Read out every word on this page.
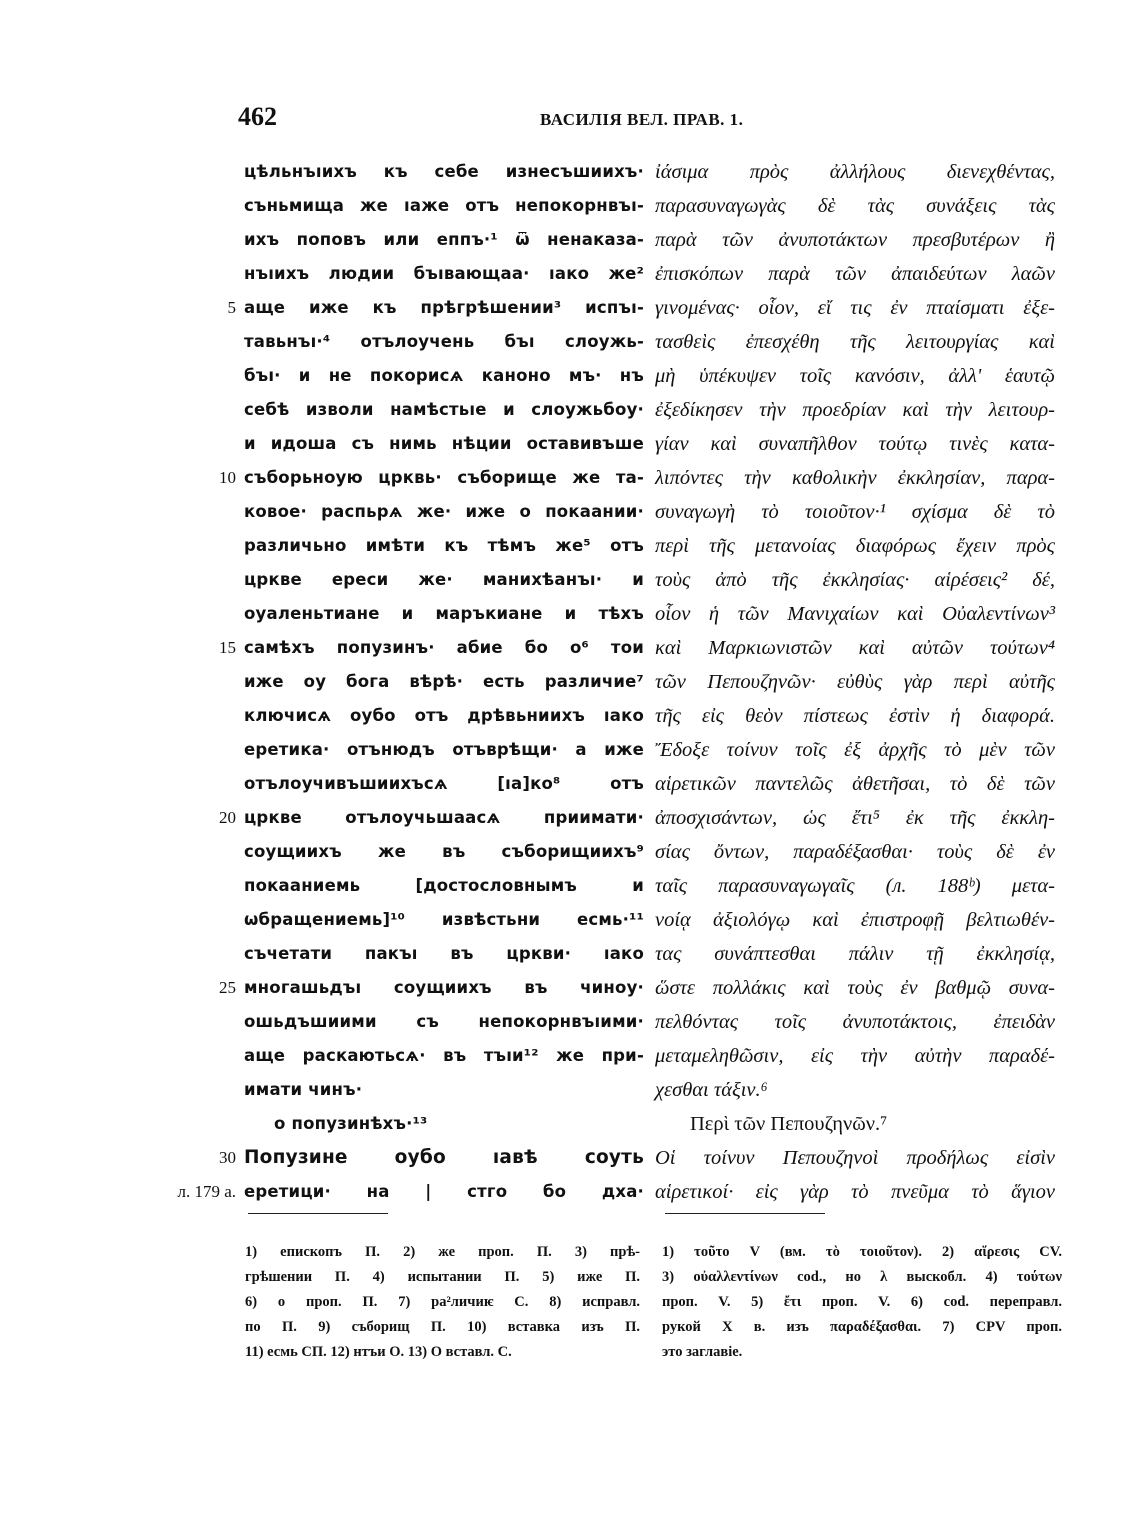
462	ВАСИЛІЯ ВЕЛ. ПРАВ. 1.
цѣльнъıихъ къ себе изнесъшиихъ·
съньмища же ıаже отъ непокорнвъı-
ихъ поповъ или еппъ·¹ ѿ ненаказа-
нъıихъ людии бъıвающаа· ıако же²
5 аще иже къ прѣгрѣшении³ испъı-
тавьнъı·⁴ отълоучень бъı слоужь-
бъı· и не покорисѧ каноно мъ· нъ
себѣ изволи намѣстьıе и слоужьбоу·
и идоша съ нимь нѣции оставивъше
10 съборьноую црквь· съборище же та-
ковое· распьрѧ же· иже о покаании·
различьно имѣти къ тѣмъ же⁵ отъ
црквe ереси же· манихѣанъı· и
оуаленьтиане и маръкиане и тѣхъ
15 самѣхъ попузинъ· абие бо о⁶ тои
иже оу бога вѣрѣ· есть различие⁷
ключисѧ оубо отъ дрѣвьниихъ ıако
еретика· отънюдъ отъврѣщи· а иже
отълоучивъшиихъсѧ [ıа]ко⁸ отъ
20 црквe отълоучьшаасѧ приимати·
соущиихъ же въ съборищиихъ⁹
покааниемь [достословнымъ и
ѡбращениемь]¹⁰ извѣстьни есмь·¹¹
съчетати пакъı въ цркви· ıако
25 многашьдъı соущиихъ въ чиноу·
ошьдъшиими съ непокорнвъıими·
аще раскаютьсѧ· въ тъıи¹² же при-
имати чинъ·
о попузинѣхъ·¹³
30 Попузине оубо ıавѣ соуть
л. 179 а. еретици· на | стго бо дха·
ἰάσιμα πρὸς ἀλλήλους διενεχθέντας,
παρασυναγωγὰς δὲ τὰς συνάξεις τὰς
παρὰ τῶν ἀνυποτάκτων πρεσβυτέρων ἢ
ἐπισκόπων παρὰ τῶν ἀπαιδεύτων λαῶν
γινομένας· οἷον, εἴ τις ἐν πταίσματι ἐξε-
τασθεὶς ἐπεσχέθη τῆς λειτουργίας καὶ
μὴ ὑπέκυψεν τοῖς κανόσιν, ἀλλ' ἑαυτῷ
ἐξεδίκησεν τὴν προεδρίαν καὶ τὴν λειτουρ-
γίαν καὶ συναπῆλθον τούτῳ τινὲς κατα-
λιπόντες τὴν καθολικὴν ἐκκλησίαν, παρα-
συναγωγὴ τὸ τοιοῦτον·¹ σχίσμα δὲ τὸ
περὶ τῆς μετανοίας διαφόρως ἔχειν πρὸς
τοὺς ἀπὸ τῆς ἐκκλησίας· αἱρέσεις² δέ,
οἷον ἡ τῶν Μανιχαίων καὶ Οὐαλεντίνων³
καὶ Μαρκιωνιστῶν καὶ αὐτῶν τούτων⁴
τῶν Πεπουζηνῶν· εὐθὺς γὰρ περὶ αὐτῆς
τῆς εἰς θεὸν πίστεως ἐστὶν ἡ διαφορά.
Ἔδοξε τοίνυν τοῖς ἐξ ἀρχῆς τὸ μὲν τῶν
αἱρετικῶν παντελῶς ἀθετῆσαι, τὸ δὲ τῶν
ἀποσχισάντων, ὡς ἔτι⁵ ἐκ τῆς ἐκκλη-
σίας ὄντων, παραδέξασθαι· τοὺς δὲ ἐν
ταῖς παρασυναγωγαῖς (л. 188ᵇ) μετα-
νοίᾳ ἀξιολόγῳ καὶ ἐπιστροφῇ βελτιωθέν-
τας συνάπτεσθαι πάλιν τῇ ἐκκλησίᾳ,
ὥστε πολλάκις καὶ τοὺς ἐν βαθμῷ συνα-
πελθόντας τοῖς ἀνυποτάκτοις, ἐπειδὰν
μεταμεληθῶσιν, εἰς τὴν αὐτὴν παραδέ-
χεσθαι τάξιν.⁶
Περὶ τῶν Πεπουζηνῶν.⁷
Οἱ τοίνυν Πεπουζηνοὶ προδήλως εἰσὶν
αἱρετικοί· εἰς γὰρ τὸ πνεῦμα τὸ ἅγιον
1) епископъ П. 2) же проп. П. 3) прѣ-
грѣшении П. 4) испытании П. 5) иже П.
6) о проп. П. 7) ра²личиѥ С. 8) исправл.
по П. 9) съборищ П. 10) вставка изъ П.
11) есмь СП. 12) нтъи О. 13) О вставл. С.
1) τοῦτο V (вм. τὸ τοιοῦτον). 2) αἵρεσις CV.
3) οὐαλλεντίνων cod., но λ выскобл. 4) τούτων
проп. V. 5) ἔτι проп. V. 6) cod. переправл.
рукой X в. изъ παραδέξασθαι. 7) CPV проп.
это заглавіе.
